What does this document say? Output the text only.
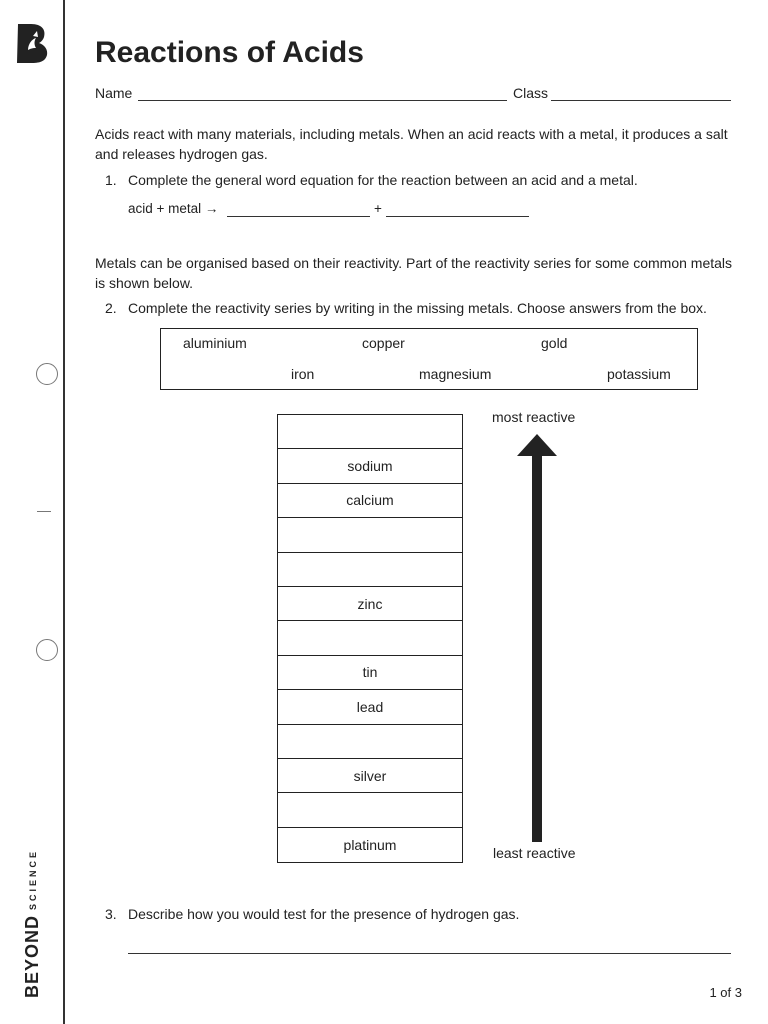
BEYOND
SCIENCE
Reactions of Acids
Name	Class
Acids react with many materials, including metals. When an acid reacts with a metal, it produces a salt and releases hydrogen gas.
1. Complete the general word equation for the reaction between an acid and a metal.
acid + metal →	+
Metals can be organised based on their reactivity. Part of the reactivity series for some common metals is shown below.
2. Complete the reactivity series by writing in the missing metals. Choose answers from the box.
aluminium	copper	gold
iron	magnesium	potassium
sodium
calcium
zinc
tin
lead
silver
platinum
most reactive
least reactive
3. Describe how you would test for the presence of hydrogen gas.
1 of 3
